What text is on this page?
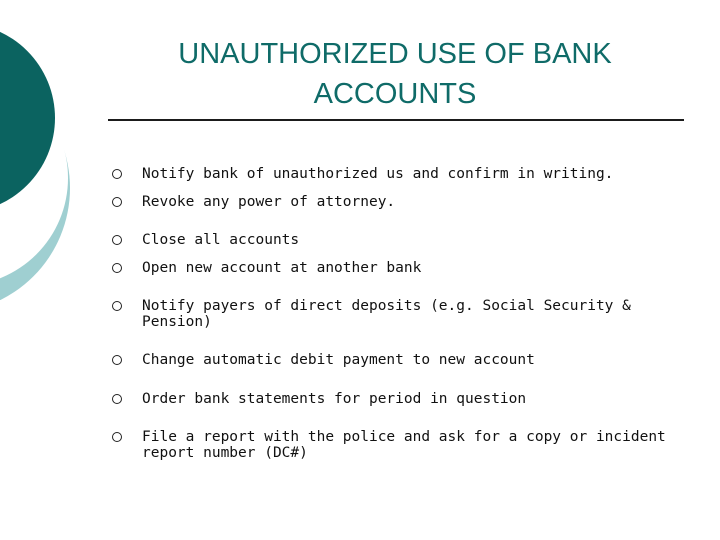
UNAUTHORIZED USE OF BANK
ACCOUNTS
Notify bank of unauthorized us and confirm in writing.
Revoke any power of attorney.
Close all accounts
Open new account at another bank
Notify payers of direct deposits (e.g. Social Security & Pension)
Change automatic debit payment to new account
Order bank statements for period in question
File a report with the police and ask for a copy or incident report number (DC#)
